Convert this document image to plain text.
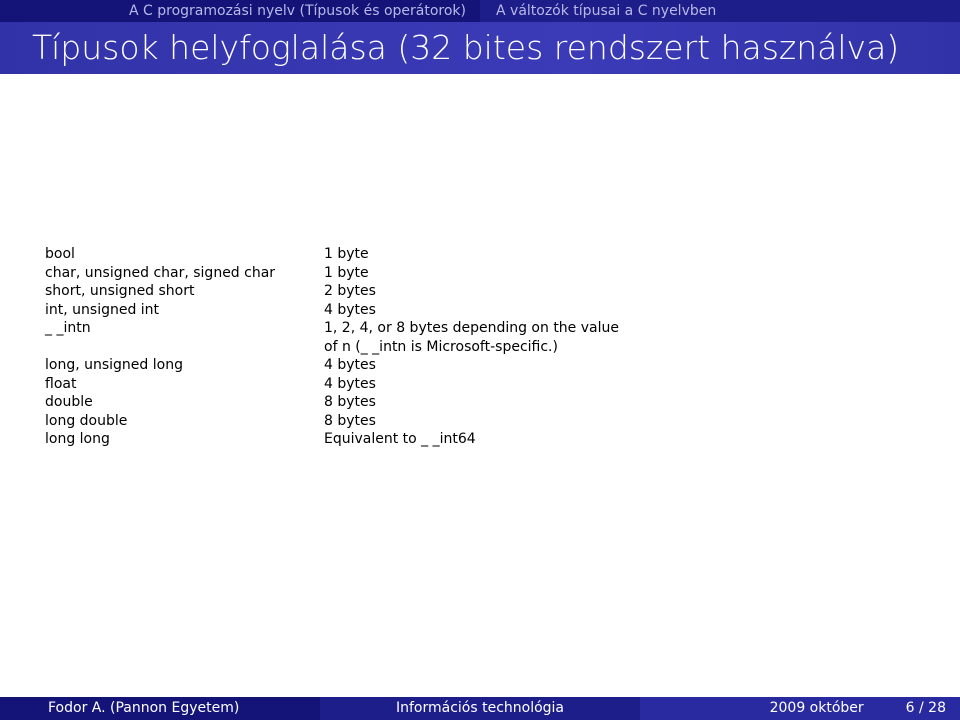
A C programozási nyelv (Típusok és operátorok)	A változók típusai a C nyelvben
Típusok helyfoglalása (32 bites rendszert használva)
bool	1 byte
char, unsigned char, signed char	1 byte
short, unsigned short	2 bytes
int, unsigned int	4 bytes
_ _intn	1, 2, 4, or 8 bytes depending on the value
of n (_ _intn is Microsoft-specific.)
long, unsigned long	4 bytes
float	4 bytes
double	8 bytes
long double	8 bytes
long long	Equivalent to _ _int64
Fodor A. (Pannon Egyetem)	Információs technológia	2009 október	6 / 28
